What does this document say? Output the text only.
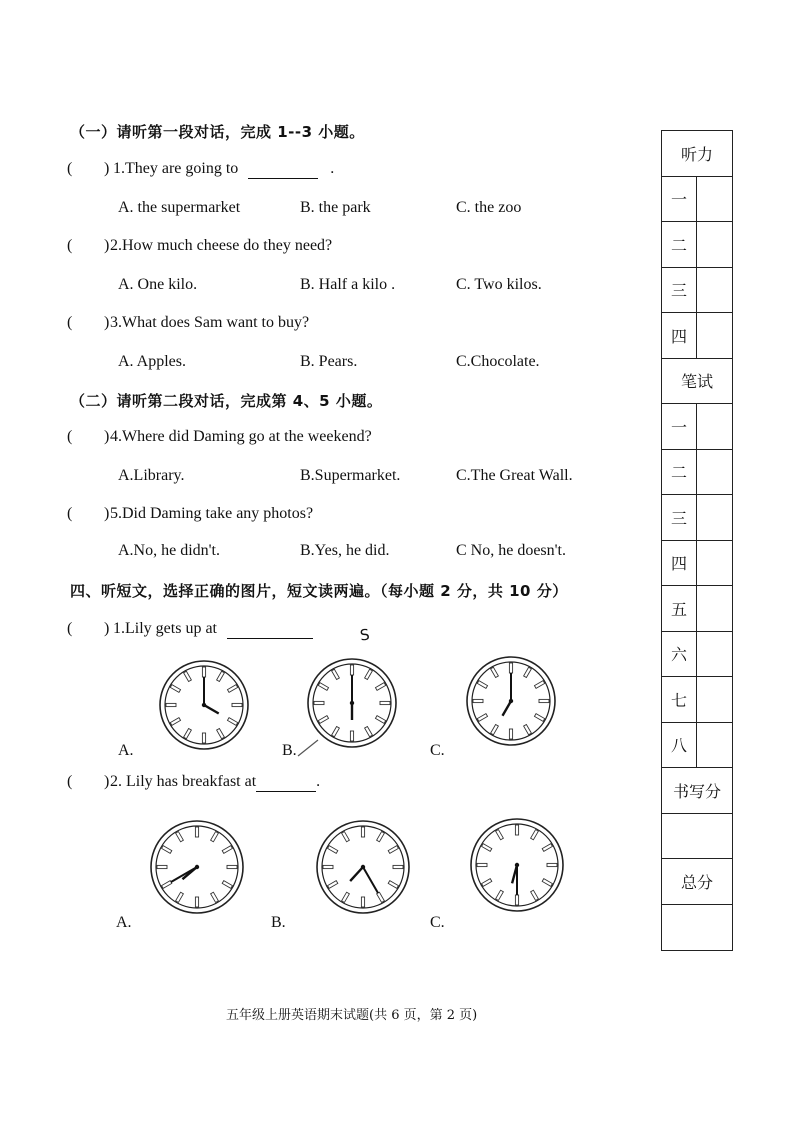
（一）请听第一段对话，完成 1--3 小题。
( ) 1.They are going to	.
A. the supermarket	B. the park	C. the zoo
( ) 2.How much cheese do they need?
A. One kilo.	B. Half a kilo .	C. Two kilos.
( ) 3.What does Sam want to buy?
A. Apples.	B. Pears.	C.Chocolate.
（二）请听第二段对话，完成第 4、5 小题。
( ) 4.Where did Daming go at the weekend?
A.Library.	B.Supermarket.	C.The Great Wall.
( ) 5.Did Daming take any photos?
A.No, he didn't.	B.Yes, he did.	C No, he doesn't.
四、听短文，选择正确的图片，短文读两遍。（每小题 2 分，共 10 分）
( ) 1.Lily gets up at	S
A.	B.	C.
( ) 2. Lily has breakfast at	.
A.	B.	C.
听力
一
二
三
四
笔试
一
二
三
四
五
六
七
八
书写分
总分
五年级上册英语期末试题(共 6 页，第 2 页)
